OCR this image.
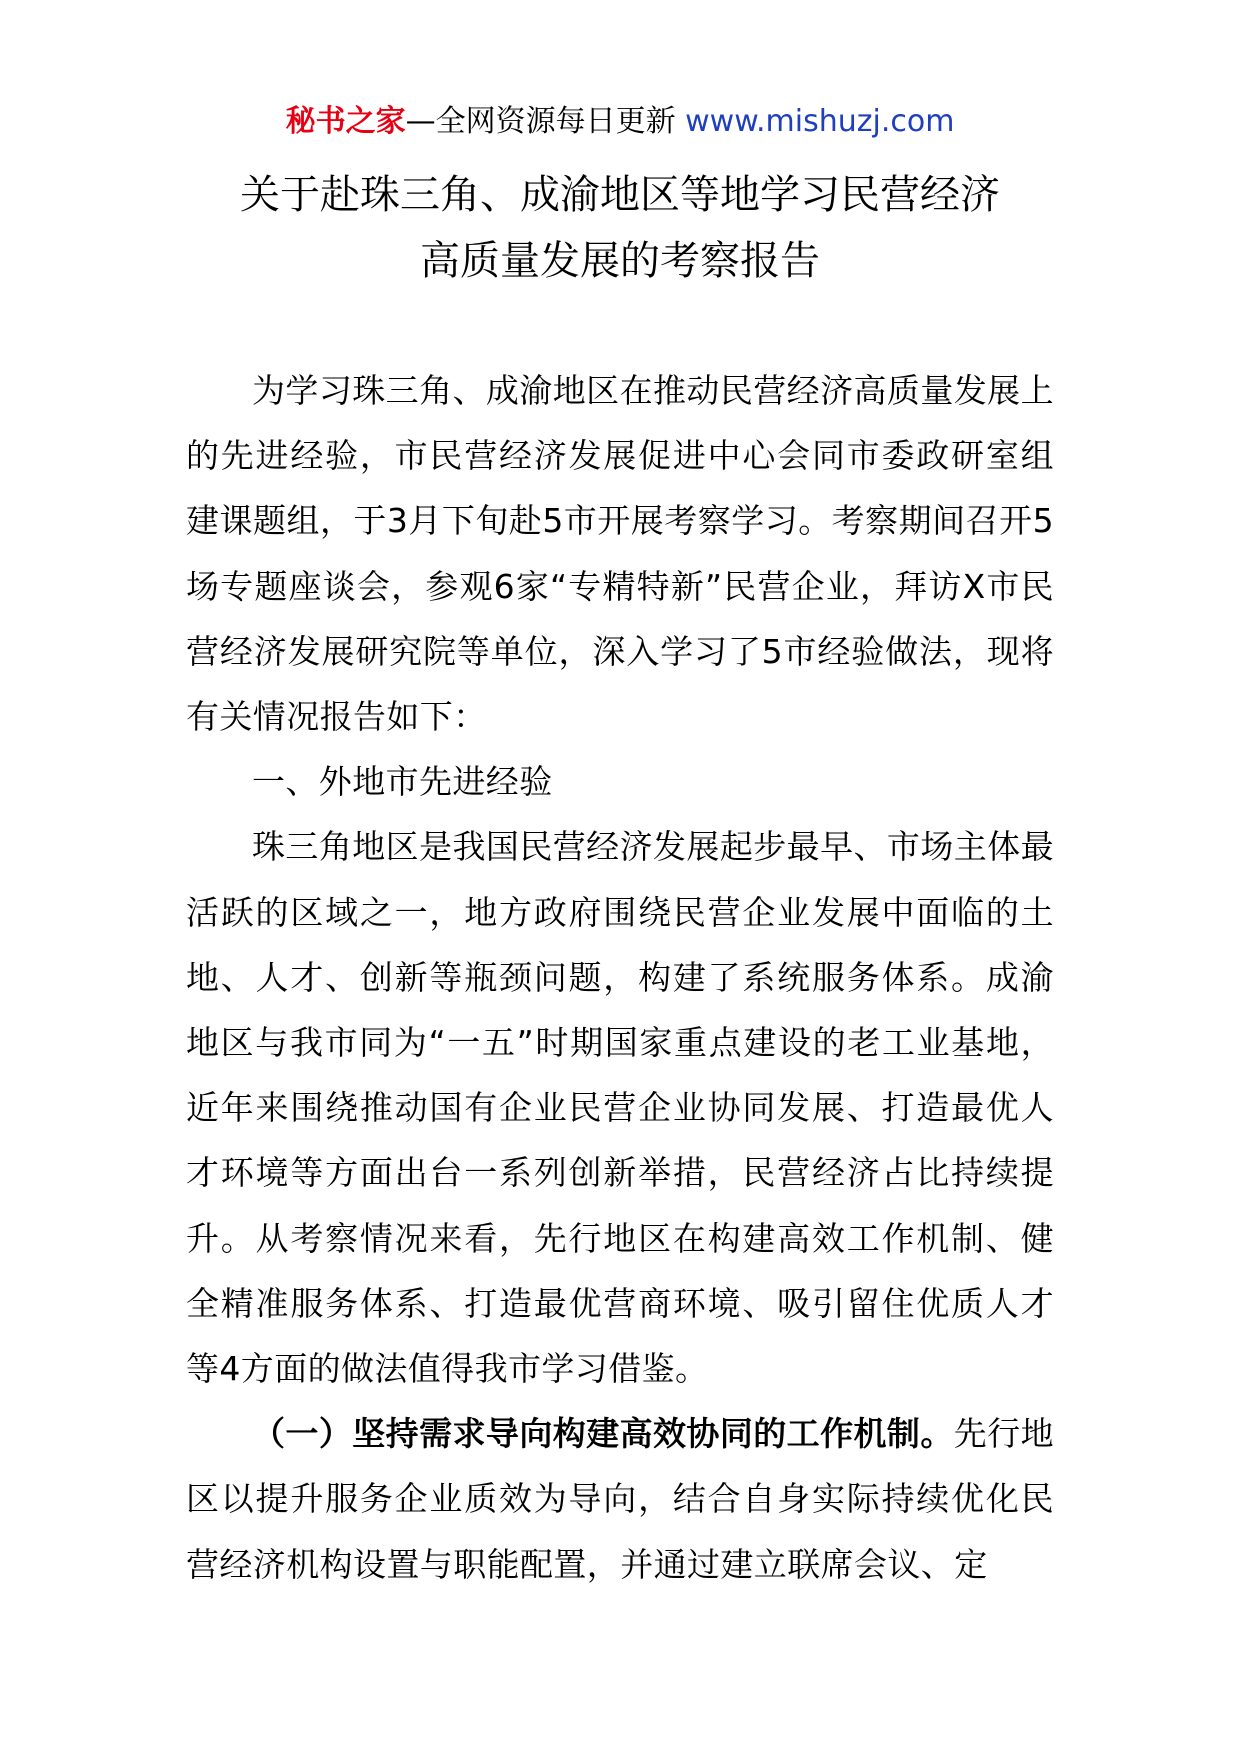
秘书之家—全网资源每日更新 www.mishuzj.com
关于赴珠三角、成渝地区等地学习民营经济
高质量发展的考察报告

为学习珠三角、成渝地区在推动民营经济高质量发展上的先进经验，市民营经济发展促进中心会同市委政研室组建课题组，于3月下旬赴5市开展考察学习。考察期间召开5场专题座谈会，参观6家“专精特新”民营企业，拜访X市民营经济发展研究院等单位，深入学习了5市经验做法，现将有关情况报告如下：

一、外地市先进经验

珠三角地区是我国民营经济发展起步最早、市场主体最活跃的区域之一，地方政府围绕民营企业发展中面临的土地、人才、创新等瓶颈问题，构建了系统服务体系。成渝地区与我市同为“一五”时期国家重点建设的老工业基地，近年来围绕推动国有企业民营企业协同发展、打造最优人才环境等方面出台一系列创新举措，民营经济占比持续提升。从考察情况来看，先行地区在构建高效工作机制、健全精准服务体系、打造最优营商环境、吸引留住优质人才等4方面的做法值得我市学习借鉴。

（一）坚持需求导向构建高效协同的工作机制。先行地区以提升服务企业质效为导向，结合自身实际持续优化民营经济机构设置与职能配置，并通过建立联席会议、定
